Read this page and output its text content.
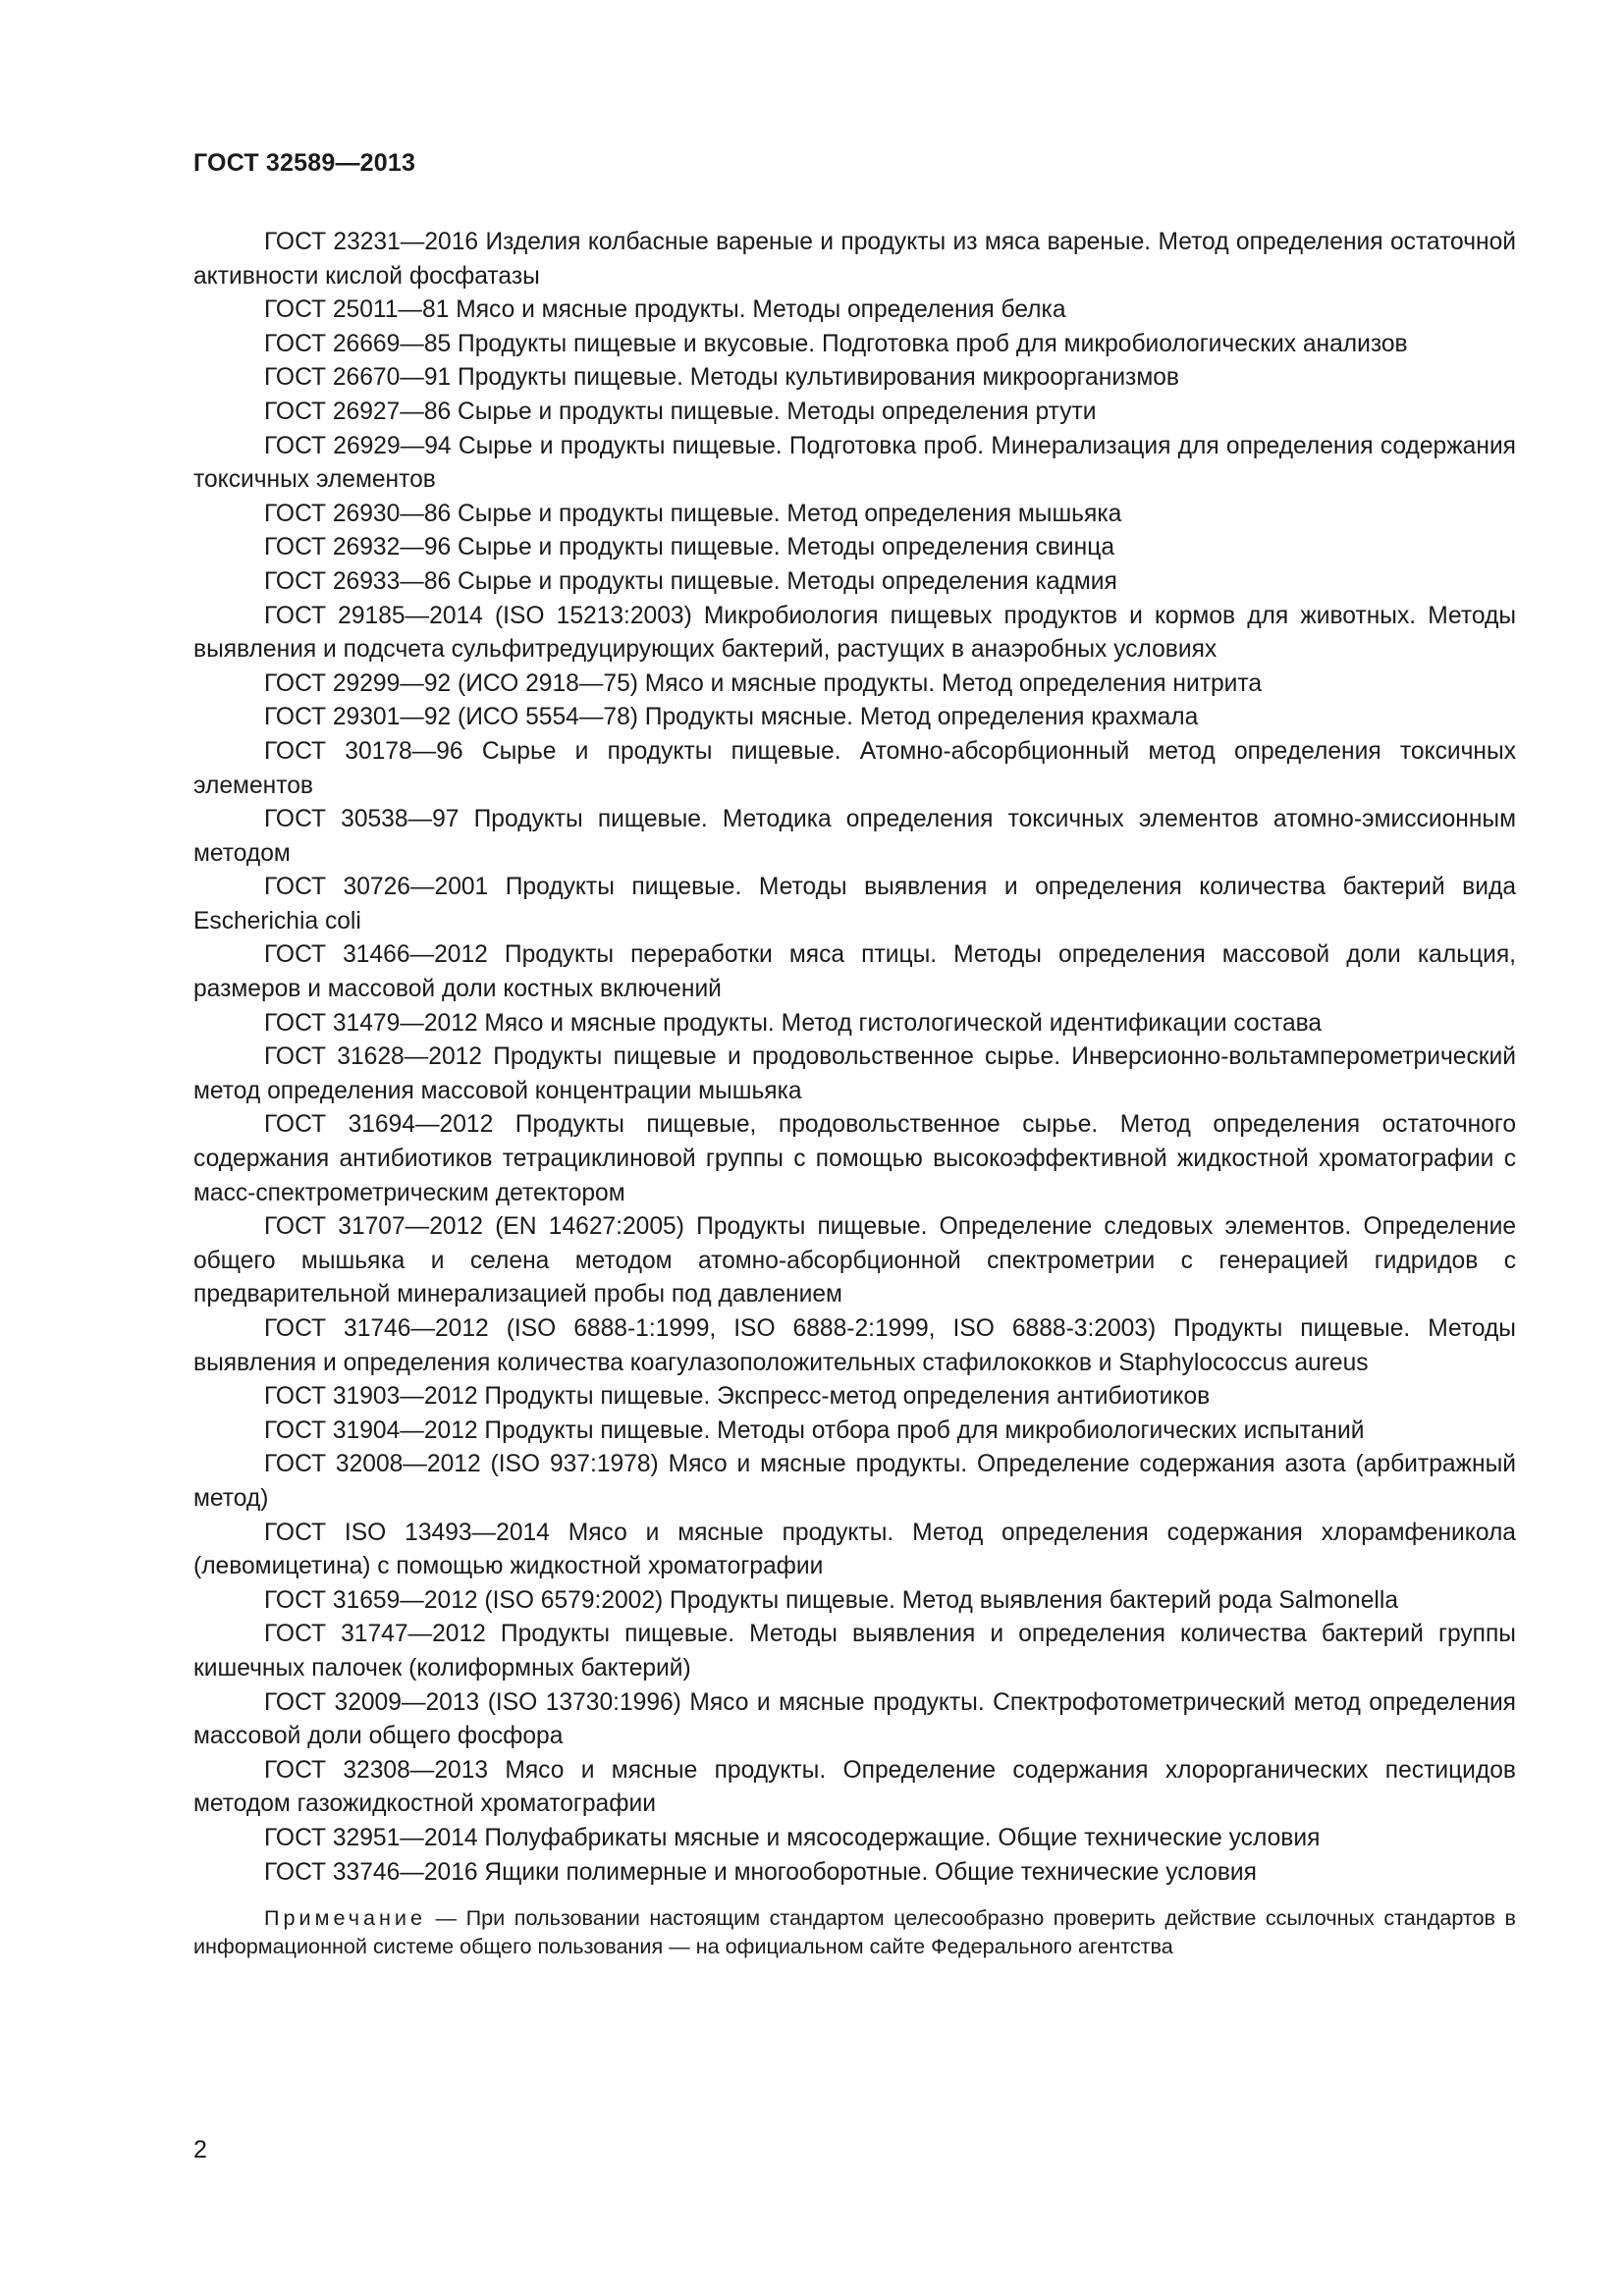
ГОСТ 32589—2013

ГОСТ 23231—2016 Изделия колбасные вареные и продукты из мяса вареные. Метод определения остаточной активности кислой фосфатазы

ГОСТ 25011—81 Мясо и мясные продукты. Методы определения белка

ГОСТ 26669—85 Продукты пищевые и вкусовые. Подготовка проб для микробиологических анализов

ГОСТ 26670—91 Продукты пищевые. Методы культивирования микроорганизмов

ГОСТ 26927—86 Сырье и продукты пищевые. Методы определения ртути

ГОСТ 26929—94 Сырье и продукты пищевые. Подготовка проб. Минерализация для определения содержания токсичных элементов

ГОСТ 26930—86 Сырье и продукты пищевые. Метод определения мышьяка

ГОСТ 26932—96 Сырье и продукты пищевые. Методы определения свинца

ГОСТ 26933—86 Сырье и продукты пищевые. Методы определения кадмия

ГОСТ 29185—2014 (ISO 15213:2003) Микробиология пищевых продуктов и кормов для животных. Методы выявления и подсчета сульфитредуцирующих бактерий, растущих в анаэробных условиях

ГОСТ 29299—92 (ИСО 2918—75) Мясо и мясные продукты. Метод определения нитрита

ГОСТ 29301—92 (ИСО 5554—78) Продукты мясные. Метод определения крахмала

ГОСТ 30178—96 Сырье и продукты пищевые. Атомно-абсорбционный метод определения токсичных элементов

ГОСТ 30538—97 Продукты пищевые. Методика определения токсичных элементов атомно-эмиссионным методом

ГОСТ 30726—2001 Продукты пищевые. Методы выявления и определения количества бактерий вида Escherichia coli

ГОСТ 31466—2012 Продукты переработки мяса птицы. Методы определения массовой доли кальция, размеров и массовой доли костных включений

ГОСТ 31479—2012 Мясо и мясные продукты. Метод гистологической идентификации состава

ГОСТ 31628—2012 Продукты пищевые и продовольственное сырье. Инверсионно-вольтамперометрический метод определения массовой концентрации мышьяка

ГОСТ 31694—2012 Продукты пищевые, продовольственное сырье. Метод определения остаточного содержания антибиотиков тетрациклиновой группы с помощью высокоэффективной жидкостной хроматографии с масс-спектрометрическим детектором

ГОСТ 31707—2012 (EN 14627:2005) Продукты пищевые. Определение следовых элементов. Определение общего мышьяка и селена методом атомно-абсорбционной спектрометрии с генерацией гидридов с предварительной минерализацией пробы под давлением

ГОСТ 31746—2012 (ISO 6888-1:1999, ISO 6888-2:1999, ISO 6888-3:2003) Продукты пищевые. Методы выявления и определения количества коагулазоположительных стафилококков и Staphylococcus aureus

ГОСТ 31903—2012 Продукты пищевые. Экспресс-метод определения антибиотиков

ГОСТ 31904—2012 Продукты пищевые. Методы отбора проб для микробиологических испытаний

ГОСТ 32008—2012 (ISO 937:1978) Мясо и мясные продукты. Определение содержания азота (арбитражный метод)

ГОСТ ISO 13493—2014 Мясо и мясные продукты. Метод определения содержания хлорамфеникола (левомицетина) с помощью жидкостной хроматографии

ГОСТ 31659—2012 (ISO 6579:2002) Продукты пищевые. Метод выявления бактерий рода Salmonella

ГОСТ 31747—2012 Продукты пищевые. Методы выявления и определения количества бактерий группы кишечных палочек (колиформных бактерий)

ГОСТ 32009—2013 (ISO 13730:1996) Мясо и мясные продукты. Спектрофотометрический метод определения массовой доли общего фосфора

ГОСТ 32308—2013 Мясо и мясные продукты. Определение содержания хлорорганических пестицидов методом газожидкостной хроматографии

ГОСТ 32951—2014 Полуфабрикаты мясные и мясосодержащие. Общие технические условия

ГОСТ 33746—2016 Ящики полимерные и многооборотные. Общие технические условия

Примечание — При пользовании настоящим стандартом целесообразно проверить действие ссылочных стандартов в информационной системе общего пользования — на официальном сайте Федерального агентства

2
